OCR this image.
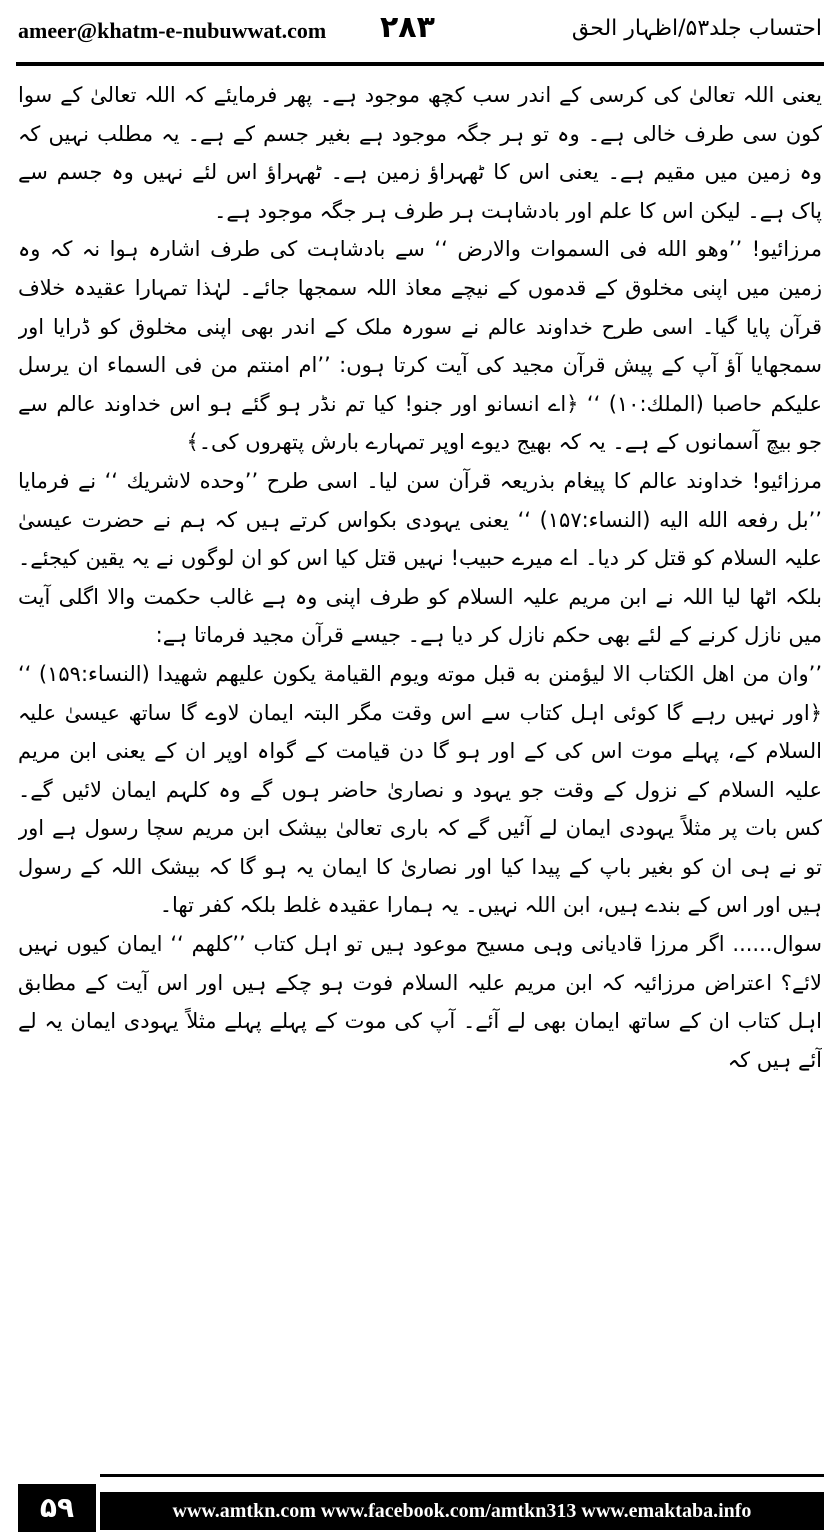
ameer@khatm-e-nubuwwat.com ۲۸۳	احتساب جلد۵۳/اظہار الحق

یعنی اللہ تعالیٰ کی کرسی کے اندر سب کچھ موجود ہے۔ پھر فرمایئے کہ اللہ تعالیٰ کے سوا کون سی طرف خالی ہے۔ وہ تو ہر جگہ موجود ہے بغیر جسم کے ہے۔ یہ مطلب نہیں کہ وہ زمین میں مقیم ہے۔ یعنی اس کا ٹھہراؤ زمین ہے۔ ٹھہراؤ اس لئے نہیں وہ جسم سے پاک ہے۔ لیکن اس کا علم اور بادشاہت ہر طرف ہر جگہ موجود ہے۔

مرزائیو! ’’وهو الله فى السموات والارض ‘‘ سے بادشاہت کی طرف اشارہ ہوا نہ کہ وہ زمین میں اپنی مخلوق کے قدموں کے نیچے معاذ اللہ سمجھا جائے۔ لہٰذا تمہارا عقیدہ خلاف قرآن پایا گیا۔ اسی طرح خداوند عالم نے سورہ ملک کے اندر بھی اپنی مخلوق کو ڈرایا اور سمجھایا آؤ آپ کے پیش قرآن مجید کی آیت کرتا ہوں: ’’ام امنتم من فى السماء ان يرسل عليكم حاصبا (الملك:۱۰) ‘‘ ﴿اے انسانو اور جنو! کیا تم نڈر ہو گئے ہو اس خداوند عالم سے جو بیچ آسمانوں کے ہے۔ یہ کہ بھیج دیوے اوپر تمہارے بارش پتھروں کی۔﴾

مرزائیو! خداوند عالم کا پیغام بذریعہ قرآن سن لیا۔ اسی طرح ’’وحده لاشريك ‘‘ نے فرمایا ’’بل رفعه الله اليه (النساء:۱۵۷) ‘‘ یعنی یہودی بکواس کرتے ہیں کہ ہم نے حضرت عیسیٰ علیہ السلام کو قتل کر دیا۔ اے میرے حبیب! نہیں قتل کیا اس کو ان لوگوں نے یہ یقین کیجئے۔ بلکہ اٹھا لیا اللہ نے ابن مریم علیہ السلام کو طرف اپنی وہ ہے غالب حکمت والا اگلی آیت میں نازل کرنے کے لئے بھی حکم نازل کر دیا ہے۔ جیسے قرآن مجید فرماتا ہے:

’’وان من اهل الكتاب الا ليؤمنن به قبل موته ويوم القيامة يكون عليهم شهيدا (النساء:۱۵۹) ‘‘ ﴿اور نہیں رہے گا کوئی اہل کتاب سے اس وقت مگر البتہ ایمان لاوے گا ساتھ عیسیٰ علیہ السلام کے، پہلے موت اس کی کے اور ہو گا دن قیامت کے گواہ اوپر ان کے یعنی ابن مریم علیہ السلام کے نزول کے وقت جو یہود و نصاریٰ حاضر ہوں گے وہ کلہم ایمان لائیں گے۔ کس بات پر مثلاً یہودی ایمان لے آئیں گے کہ باری تعالیٰ بیشک ابن مریم سچا رسول ہے اور تو نے ہی ان کو بغیر باپ کے پیدا کیا اور نصاریٰ کا ایمان یہ ہو گا کہ بیشک اللہ کے رسول ہیں اور اس کے بندے ہیں، ابن اللہ نہیں۔ یہ ہمارا عقیدہ غلط بلکہ کفر تھا۔

سوال...... اگر مرزا قادیانی وہی مسیح موعود ہیں تو اہل کتاب ’’كلهم ‘‘ ایمان کیوں نہیں لائے؟ اعتراض مرزائیہ کہ ابن مریم علیہ السلام فوت ہو چکے ہیں اور اس آیت کے مطابق اہل کتاب ان کے ساتھ ایمان بھی لے آئے۔ آپ کی موت کے پہلے پہلے مثلاً یہودی ایمان یہ لے آئے ہیں کہ

۵۹	www.amtkn.com www.facebook.com/amtkn313 www.emaktaba.info
